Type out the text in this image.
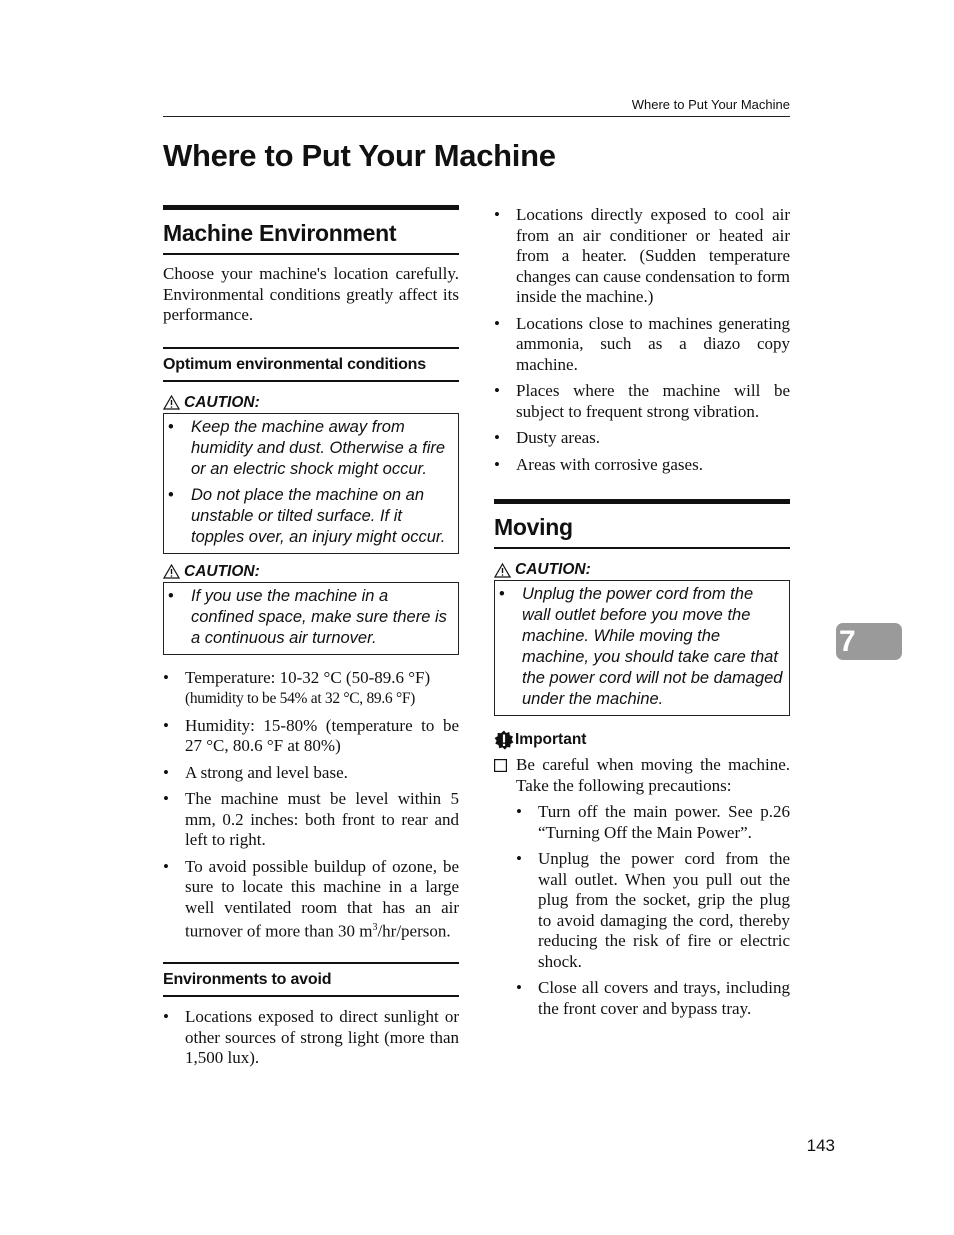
Where to Put Your Machine
Where to Put Your Machine
Machine Environment

Choose your machine's location carefully. Environmental conditions greatly affect its performance.

Optimum environmental conditions
CAUTION:
•	Keep the machine away from humidity and dust. Otherwise a fire or an electric shock might occur.
•	Do not place the machine on an unstable or tilted surface. If it topples over, an injury might occur.
CAUTION:
•	If you use the machine in a confined space, make sure there is a continuous air turnover.
• Temperature: 10-32 °C (50-89.6 °F)
(humidity to be 54% at 32 °C, 89.6 °F)
• Humidity: 15-80% (temperature to be 27 °C, 80.6 °F at 80%)
• A strong and level base.
• The machine must be level within 5 mm, 0.2 inches: both front to rear and left to right.
• To avoid possible buildup of ozone, be sure to locate this machine in a large well ventilated room that has an air turnover of more than 30 $m^3/hr$/person.
Environments to avoid
• Locations exposed to direct sunlight or other sources of strong light (more than 1,500 lux).
• Locations directly exposed to cool air from an air conditioner or heated air from a heater. (Sudden temperature changes can cause condensation to form inside the machine.)
• Locations close to machines generating ammonia, such as a diazo copy machine.
• Places where the machine will be subject to frequent strong vibration.
• Dusty areas.
• Areas with corrosive gases.
Moving
CAUTION:
•	Unplug the power cord from the wall outlet before you move the machine. While moving the machine, you should take care that the power cord will not be damaged under the machine.
Important
Be careful when moving the machine. Take the following precautions:
• Turn off the main power. See p.26 “Turning Off the Main Power”.
• Unplug the power cord from the wall outlet. When you pull out the plug from the socket, grip the plug to avoid damaging the cord, thereby reducing the risk of fire or electric shock.
• Close all covers and trays, including the front cover and bypass tray.
7
143
